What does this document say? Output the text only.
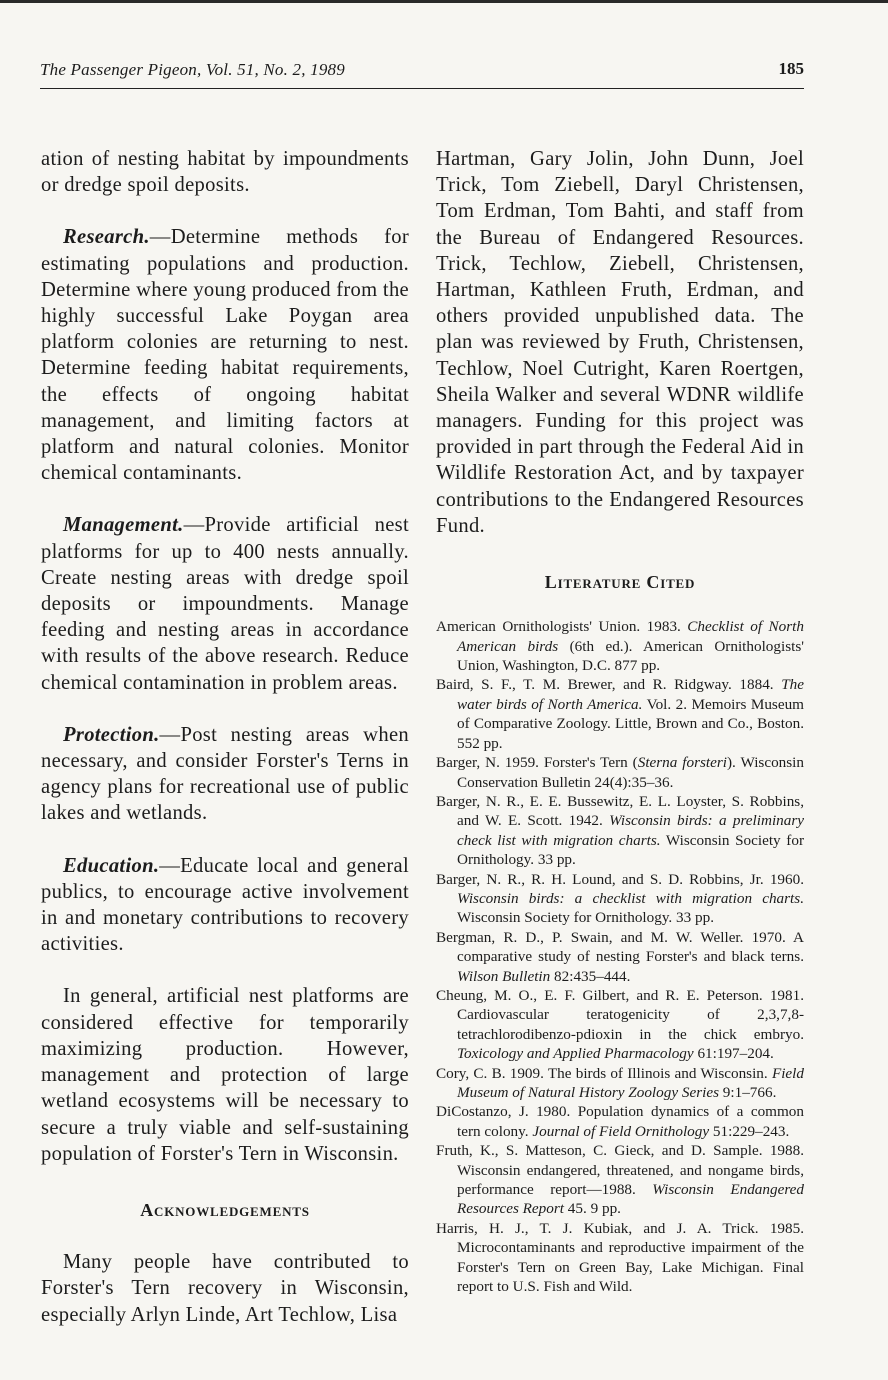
The Passenger Pigeon, Vol. 51, No. 2, 1989	185

ation of nesting habitat by impoundments or dredge spoil deposits.

Research.—Determine methods for estimating populations and production. Determine where young produced from the highly successful Lake Poygan area platform colonies are returning to nest. Determine feeding habitat requirements, the effects of ongoing habitat management, and limiting factors at platform and natural colonies. Monitor chemical contaminants.

Management.—Provide artificial nest platforms for up to 400 nests annually. Create nesting areas with dredge spoil deposits or impoundments. Manage feeding and nesting areas in accordance with results of the above research. Reduce chemical contamination in problem areas.

Protection.—Post nesting areas when necessary, and consider Forster's Terns in agency plans for recreational use of public lakes and wetlands.

Education.—Educate local and general publics, to encourage active involvement in and monetary contributions to recovery activities.

In general, artificial nest platforms are considered effective for temporarily maximizing production. However, management and protection of large wetland ecosystems will be necessary to secure a truly viable and self-sustaining population of Forster's Tern in Wisconsin.

Acknowledgements

Many people have contributed to Forster's Tern recovery in Wisconsin, especially Arlyn Linde, Art Techlow, Lisa

Hartman, Gary Jolin, John Dunn, Joel Trick, Tom Ziebell, Daryl Christensen, Tom Erdman, Tom Bahti, and staff from the Bureau of Endangered Resources. Trick, Techlow, Ziebell, Christensen, Hartman, Kathleen Fruth, Erdman, and others provided unpublished data. The plan was reviewed by Fruth, Christensen, Techlow, Noel Cutright, Karen Roertgen, Sheila Walker and several WDNR wildlife managers. Funding for this project was provided in part through the Federal Aid in Wildlife Restoration Act, and by taxpayer contributions to the Endangered Resources Fund.

Literature Cited
American Ornithologists' Union. 1983. Checklist of North American birds (6th ed.). American Ornithologists' Union, Washington, D.C. 877 pp.
Baird, S. F., T. M. Brewer, and R. Ridgway. 1884. The water birds of North America. Vol. 2. Memoirs Museum of Comparative Zoology. Little, Brown and Co., Boston. 552 pp.
Barger, N. 1959. Forster's Tern (Sterna forsteri). Wisconsin Conservation Bulletin 24(4):35–36.
Barger, N. R., E. E. Bussewitz, E. L. Loyster, S. Robbins, and W. E. Scott. 1942. Wisconsin birds: a preliminary check list with migration charts. Wisconsin Society for Ornithology. 33 pp.
Barger, N. R., R. H. Lound, and S. D. Robbins, Jr. 1960. Wisconsin birds: a checklist with migration charts. Wisconsin Society for Ornithology. 33 pp.
Bergman, R. D., P. Swain, and M. W. Weller. 1970. A comparative study of nesting Forster's and black terns. Wilson Bulletin 82:435–444.
Cheung, M. O., E. F. Gilbert, and R. E. Peterson. 1981. Cardiovascular teratogenicity of 2,3,7,8-tetrachlorodibenzo-pdioxin in the chick embryo. Toxicology and Applied Pharmacology 61:197–204.
Cory, C. B. 1909. The birds of Illinois and Wisconsin. Field Museum of Natural History Zoology Series 9:1–766.
DiCostanzo, J. 1980. Population dynamics of a common tern colony. Journal of Field Ornithology 51:229–243.
Fruth, K., S. Matteson, C. Gieck, and D. Sample. 1988. Wisconsin endangered, threatened, and nongame birds, performance report—1988. Wisconsin Endangered Resources Report 45. 9 pp.
Harris, H. J., T. J. Kubiak, and J. A. Trick. 1985. Microcontaminants and reproductive impairment of the Forster's Tern on Green Bay, Lake Michigan. Final report to U.S. Fish and Wild.
